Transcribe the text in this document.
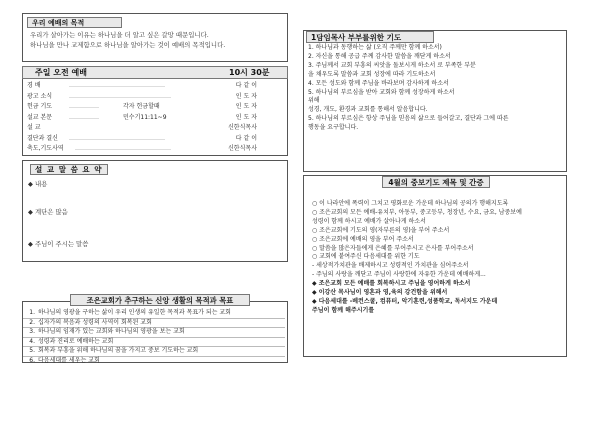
우리 예배의 목적
우리가 살아가는 이유는 하나님을 더 알고 싶은 갈망 때문입니다.
하나님을 만나 교제함으로 하나님을 알아가는 것이 예배의 목적입니다.
주일 오전 예배	10시 30분
경 배	…………………………………………	다 같 이
광고 소식	……………………………………………	인 도 자
헌금 기도	……………	각자 헌금할때	인 도 자
설교 본문	……………	민수기11:11~9	인 도 자
설 교	신한식목사
결단과 결신 …………………………………………	다 같 이
축도,기도사역 …………………………………………	신한식목사
설 교 말 씀 요 약
◆ 내용
◆ 계단은 많음
◆ 주님이 주시는 말씀
조은교회가 추구하는 신앙 생활의 목적과 목표
1. 하나님의 영광을 구하는 삶이 우리 인생의 유일한 목적과 목표가 되는 교회
2. 십자가의 복음과 성령의 사역이 회복된 교회
3. 하나님의 임재가 있는 교회와 하나님의 영광을 보는 교회
4. 성령과 진리로 예배하는 교회
5. 회복과 부흥을 위해 하나님의 꿈을 가지고 중보 기도하는 교회
6. 다음세대를 세우는 교회
1담임목사 부부를위한 기도
1. 하나님과 동행하는 삶 (오직 주께만 함께 하소서)
2. 자신을 통해 공급 주께 감사한 말씀을 깨닫게 하소서
3. 주님께서 교회 부흥의 씨앗을 돌보시게 하소서 로 부족한 부분
을 채우도록 말씀과 교회 성장에 따라 기도하소서
4. 모든 성도와 함께 주님을 바라보며 감사하게 하소서
5. 하나님의 부르심을 받아 교회와 함께 성장하게 하소서
위해
성경, 개도, 환경과 교회를 통해서 알음합니다.
5. 하나님의 부르심은 항상 주님을 믿음의 삶으로 들어갈고, 결단과 그에 따른
행동을 요구합니다.
4월의 중보기도 제목 및 간증
○ 이 나라안에 폭력이 그치고 평화로운 가운데 하나님의 공의가 행해지도록
○ 조은교회의 모든 예배-유치부, 아동부, 중고등부, 청장년, 수요, 금요, 남중보예
성령이 함께 하시고 예배가 살아나게 하소서
○ 조은교회에 기도의 영(자부른의 영)을 부어 주소서
○ 조은교회에 예배의 영을 부어 주소서
○ 말씀을 많은자들에게 은혜를 부어주시고 은사를 부어주소서
○ 교회에 붙여주신 다음세대를 위한 기도
- 세상적가치관을 배제하시고 성령적인 가치관을 심어주소서
- 주님의 사랑을 깨닫고 주님이 사랑한에 자유한 가운데 예배하게...
◆ 조은교회 모든 예배를 회복하시고 주님을 영어하게 하소서
◆ 이강산 목사님이 영혼과 영,육의 강건함을 위해서
◆ 다음세대를 -베컨스쿨, 컴퓨터, 악기훈련,성품학교, 독서지도 가운데
주님이 함께 해주시기를
